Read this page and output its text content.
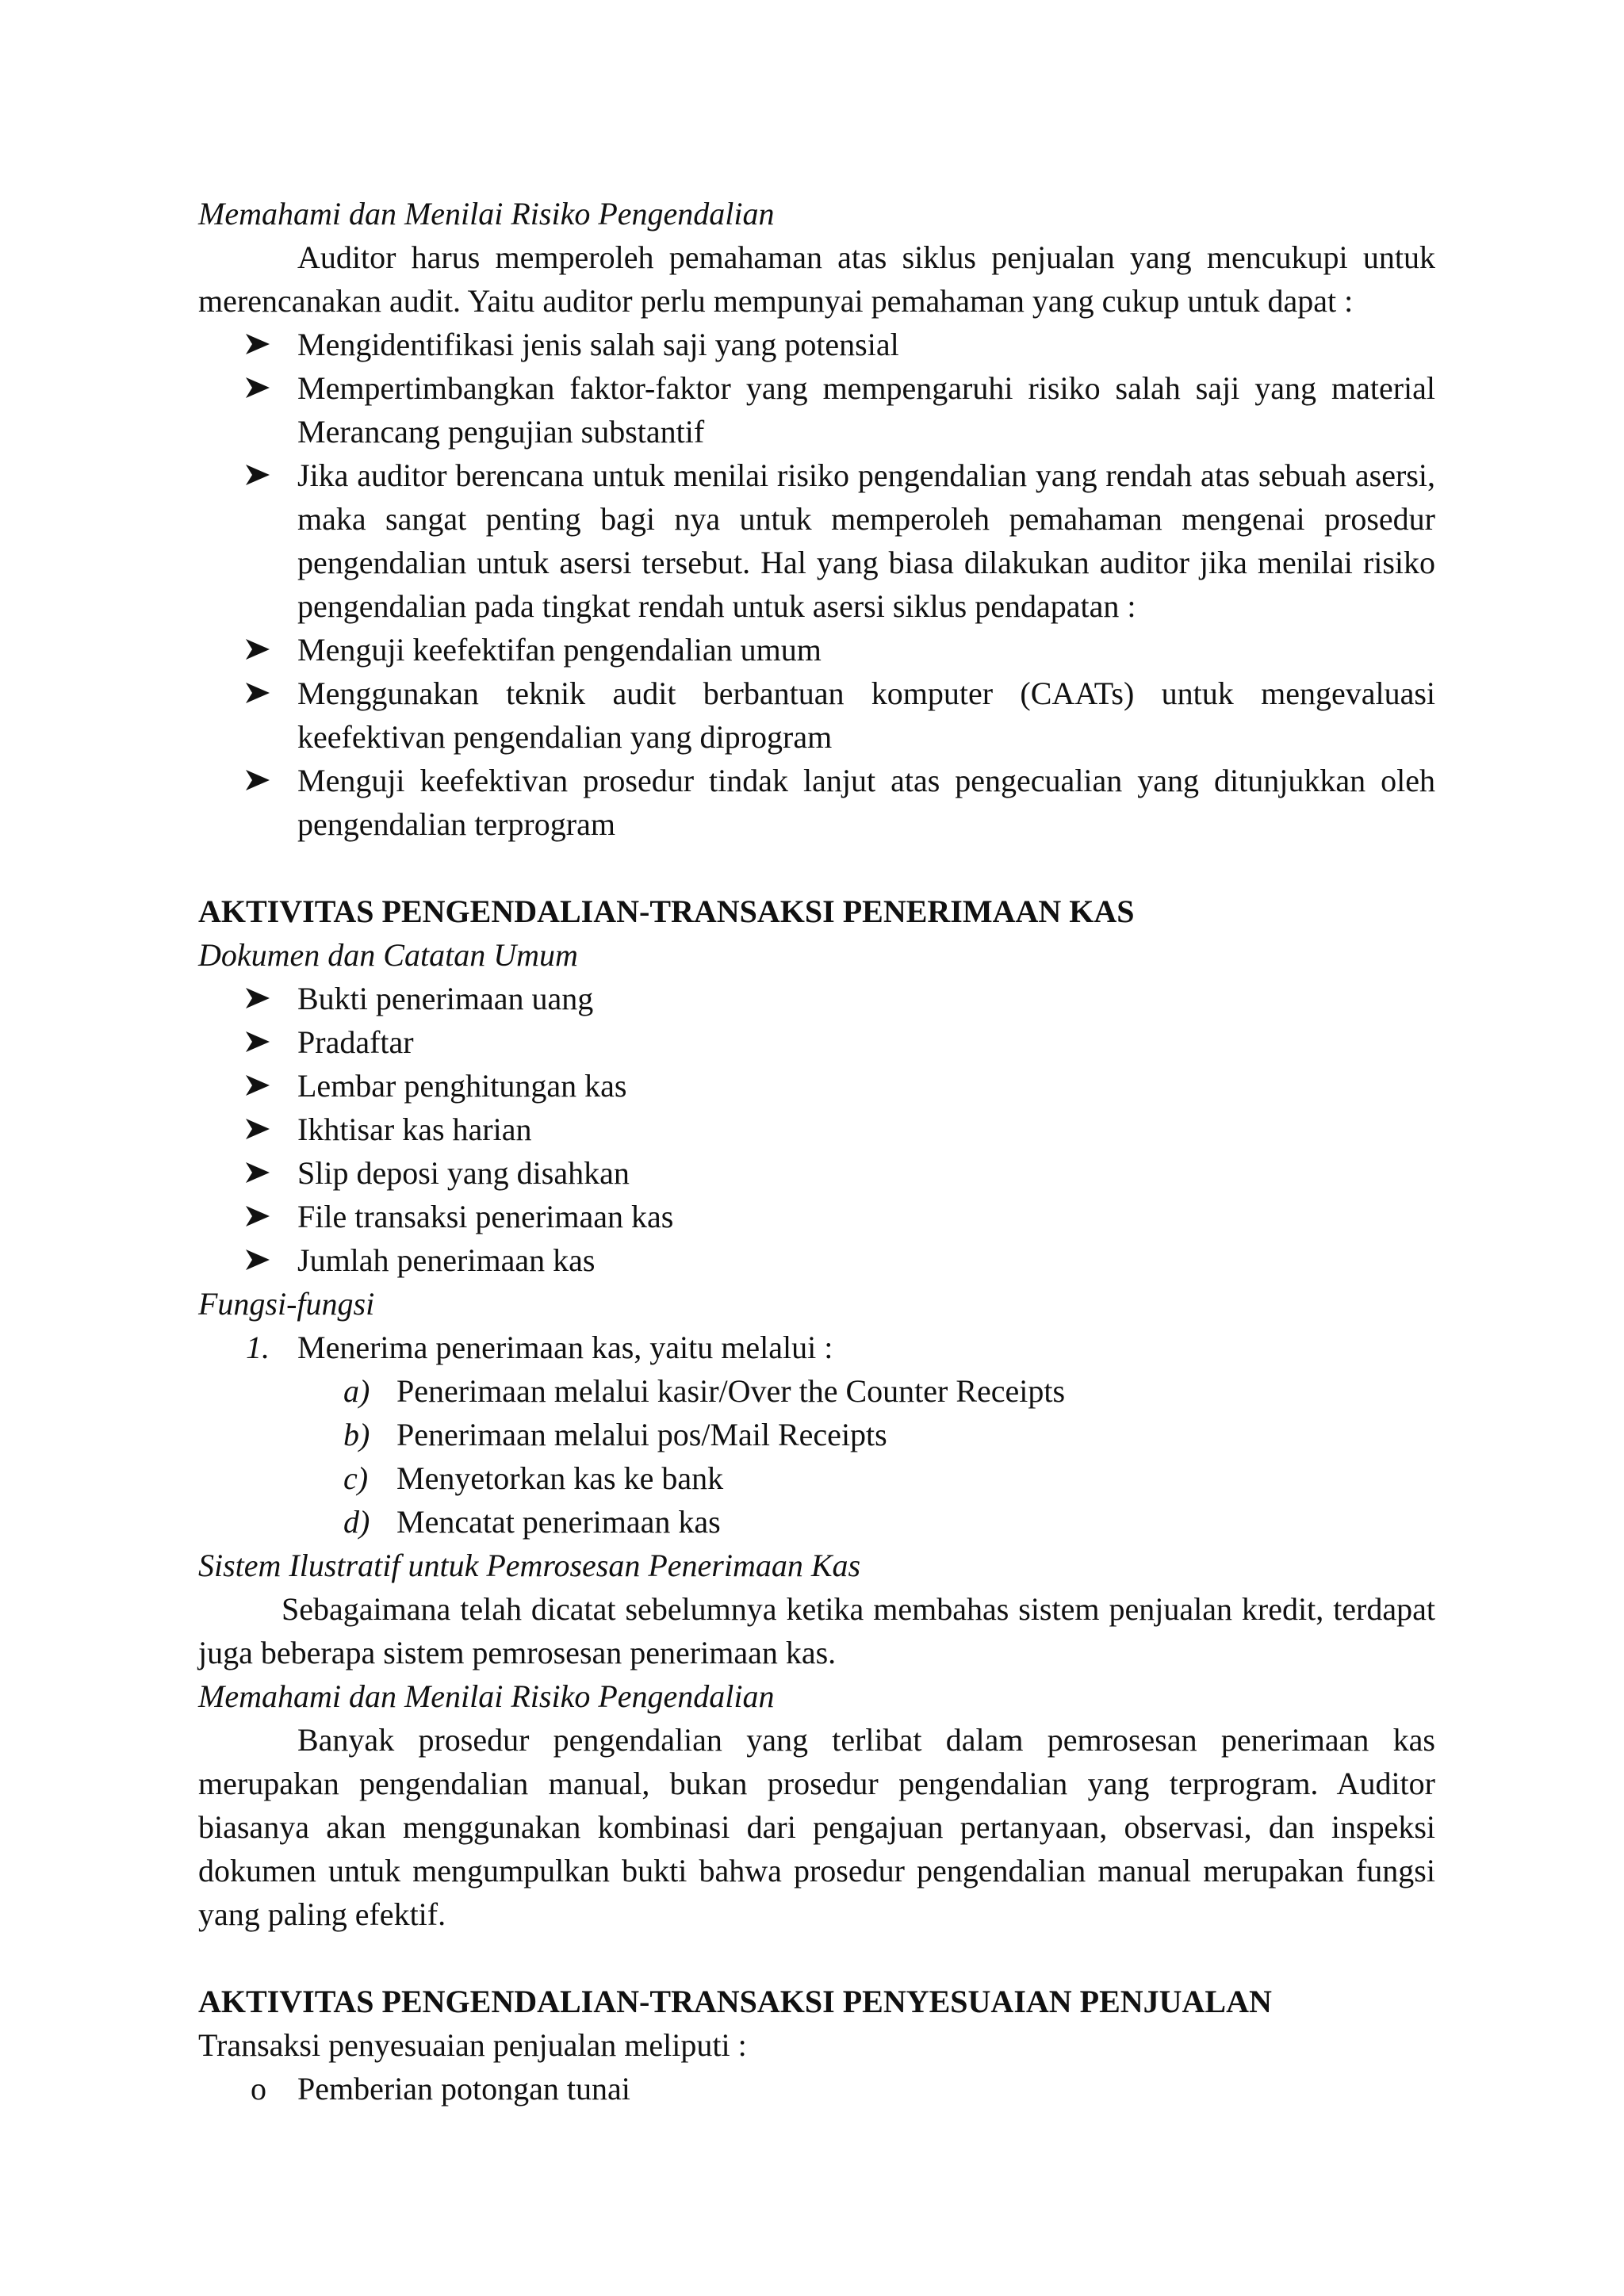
Memahami dan Menilai Risiko Pengendalian

Auditor harus memperoleh pemahaman atas siklus penjualan yang mencukupi untuk merencanakan audit. Yaitu auditor perlu mempunyai pemahaman yang cukup untuk dapat :

Mengidentifikasi jenis salah saji yang potensial
Mempertimbangkan faktor-faktor yang mempengaruhi risiko salah saji yang material Merancang pengujian substantif
Jika auditor berencana untuk menilai risiko pengendalian yang rendah atas sebuah asersi, maka sangat penting bagi nya untuk memperoleh pemahaman mengenai prosedur pengendalian untuk asersi tersebut. Hal yang biasa dilakukan auditor jika menilai risiko pengendalian pada tingkat rendah untuk asersi siklus pendapatan :
Menguji keefektifan pengendalian umum
Menggunakan teknik audit berbantuan komputer (CAATs) untuk mengevaluasi keefektivan pengendalian yang diprogram
Menguji keefektivan prosedur tindak lanjut atas pengecualian yang ditunjukkan oleh pengendalian terprogram

AKTIVITAS PENGENDALIAN-TRANSAKSI PENERIMAAN KAS

Dokumen dan Catatan Umum

Bukti penerimaan uang
Pradaftar
Lembar penghitungan kas
Ikhtisar kas harian
Slip deposi yang disahkan
File transaksi penerimaan kas
Jumlah penerimaan kas

Fungsi-fungsi

1. Menerima penerimaan kas, yaitu melalui :
a) Penerimaan melalui kasir/Over the Counter Receipts
b) Penerimaan melalui pos/Mail Receipts
c) Menyetorkan kas ke bank
d) Mencatat penerimaan kas

Sistem Ilustratif untuk Pemrosesan Penerimaan Kas

Sebagaimana telah dicatat sebelumnya ketika membahas sistem penjualan kredit, terdapat juga beberapa sistem pemrosesan penerimaan kas.

Memahami dan Menilai Risiko Pengendalian

Banyak prosedur pengendalian yang terlibat dalam pemrosesan penerimaan kas merupakan pengendalian manual, bukan prosedur pengendalian yang terprogram. Auditor biasanya akan menggunakan kombinasi dari pengajuan pertanyaan, observasi, dan inspeksi dokumen untuk mengumpulkan bukti bahwa prosedur pengendalian manual merupakan fungsi yang paling efektif.

AKTIVITAS PENGENDALIAN-TRANSAKSI PENYESUAIAN PENJUALAN

Transaksi penyesuaian penjualan meliputi :

o Pemberian potongan tunai
